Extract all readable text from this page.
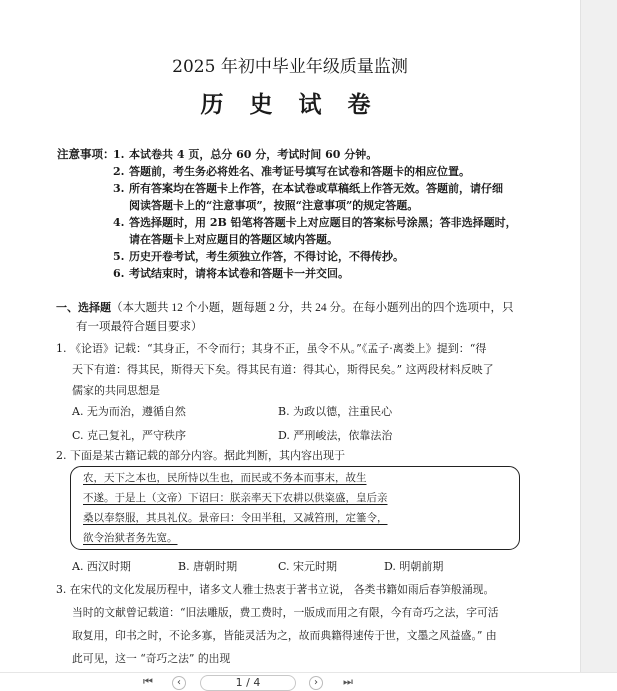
2025 年初中毕业年级质量监测
历 史 试 卷
注意事项：
1. 本试卷共 4 页，总分 60 分，考试时间 60 分钟。
2. 答题前，考生务必将姓名、准考证号填写在试卷和答题卡的相应位置。
3. 所有答案均在答题卡上作答，在本试卷或草稿纸上作答无效。答题前，请仔细
阅读答题卡上的“注意事项”，按照“注意事项”的规定答题。
4. 答选择题时，用 2B 铅笔将答题卡上对应题目的答案标号涂黑；答非选择题时，
请在答题卡上对应题目的答题区域内答题。
5. 历史开卷考试，考生须独立作答，不得讨论，不得传抄。
6. 考试结束时，请将本试卷和答题卡一并交回。
一、选择题（本大题共 12 个小题，题每题 2 分，共 24 分。在每小题列出的四个选项中，只
有一项最符合题目要求）
1. 《论语》记载：“其身正，不令而行；其身不正，虽令不从。”《孟子·离娄上》提到：“得
天下有道：得其民，斯得天下矣。得其民有道：得其心，斯得民矣。” 这两段材料反映了
儒家的共同思想是
A. 无为而治，遵循自然	B. 为政以德，注重民心
C. 克己复礼，严守秩序	D. 严刑峻法，依靠法治
2. 下面是某古籍记载的部分内容。据此判断，其内容出现于
农，天下之本也，民所恃以生也，而民或不务本而事末，故生
不遂。于是上（文帝）下诏曰：朕亲率天下农耕以供粢盛，皇后亲
桑以奉祭服，其具礼仪。景帝曰：令田半租，又减笞刑，定箠令，
欲令治狱者务先宽。
A. 西汉时期	B. 唐朝时期	C. 宋元时期	D. 明朝前期
3. 在宋代的文化发展历程中，诸多文人雅士热衷于著书立说， 各类书籍如雨后春笋般涌现。
当时的文献曾记载道：“旧法雕版，费工费时，一版成而用之有限，今有奇巧之法，字可活
取复用，印书之时，不论多寡，皆能灵活为之，故而典籍得速传于世，文墨之风益盛。” 由
此可见，这一 “奇巧之法” 的出现
⏮	‹	1 / 4	›	⏭
